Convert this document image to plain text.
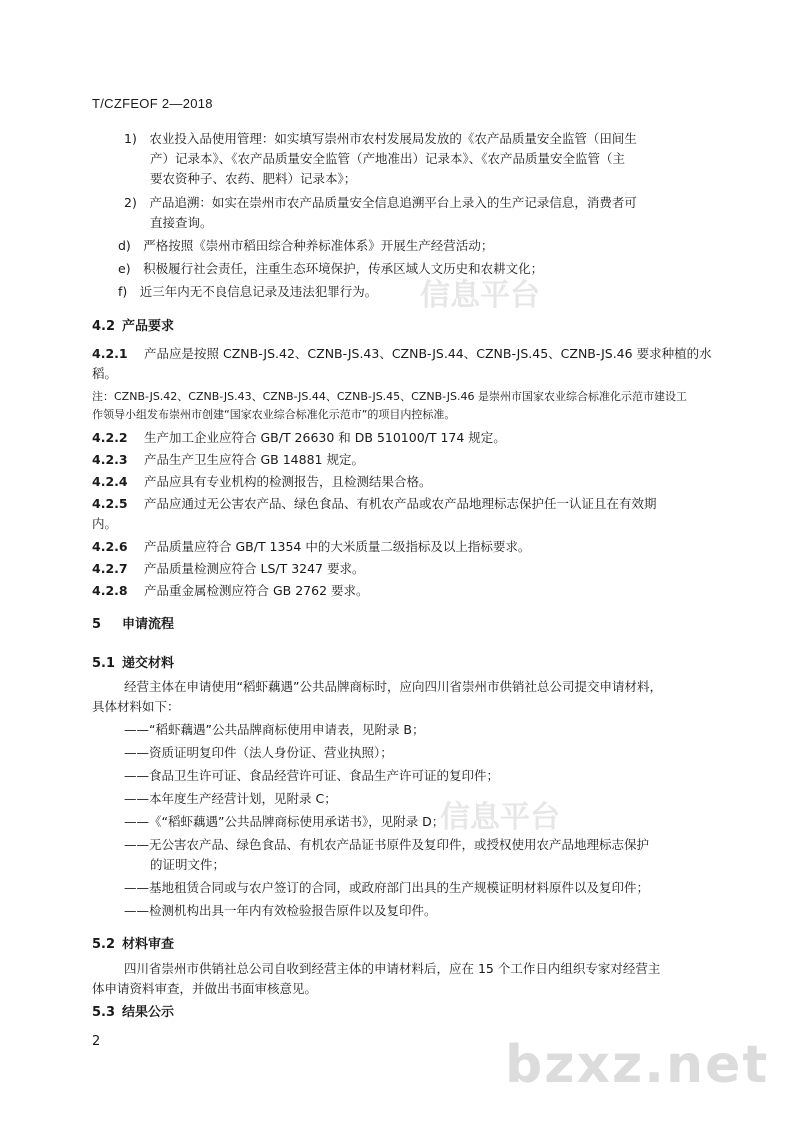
信息平台
信息平台
bzxz.net
T/CZFEOF 2—2018
1)　农业投入品使用管理：如实填写崇州市农村发展局发放的《农产品质量安全监管（田间生
产）记录本》、《农产品质量安全监管（产地准出）记录本》、《农产品质量安全监管（主
要农资种子、农药、肥料）记录本》；
2)　产品追溯：如实在崇州市农产品质量安全信息追溯平台上录入的生产记录信息，消费者可
直接查询。
d)　严格按照《崇州市稻田综合种养标准体系》开展生产经营活动；
e)　积极履行社会责任，注重生态环境保护，传承区域人文历史和农耕文化；
f)　近三年内无不良信息记录及违法犯罪行为。
4.2 产品要求
4.2.1 产品应是按照 CZNB-JS.42、CZNB-JS.43、CZNB-JS.44、CZNB-JS.45、CZNB-JS.46 要求种植的水
稻。
注：CZNB-JS.42、CZNB-JS.43、CZNB-JS.44、CZNB-JS.45、CZNB-JS.46 是崇州市国家农业综合标准化示范市建设工
作领导小组发布崇州市创建“国家农业综合标准化示范市”的项目内控标准。
4.2.2 生产加工企业应符合 GB/T 26630 和 DB 510100/T 174 规定。
4.2.3 产品生产卫生应符合 GB 14881 规定。
4.2.4 产品应具有专业机构的检测报告，且检测结果合格。
4.2.5 产品应通过无公害农产品、绿色食品、有机农产品或农产品地理标志保护任一认证且在有效期
内。
4.2.6 产品质量应符合 GB/T 1354 中的大米质量二级指标及以上指标要求。
4.2.7 产品质量检测应符合 LS/T 3247 要求。
4.2.8 产品重金属检测应符合 GB 2762 要求。
5 申请流程
5.1 递交材料
经营主体在申请使用“稻虾藕遇”公共品牌商标时，应向四川省崇州市供销社总公司提交申请材料，
具体材料如下：
——“稻虾藕遇”公共品牌商标使用申请表，见附录 B；
——资质证明复印件（法人身份证、营业执照）；
——食品卫生许可证、食品经营许可证、食品生产许可证的复印件；
——本年度生产经营计划，见附录 C；
——《“稻虾藕遇”公共品牌商标使用承诺书》，见附录 D；
——无公害农产品、绿色食品、有机农产品证书原件及复印件，或授权使用农产品地理标志保护
的证明文件；
——基地租赁合同或与农户签订的合同，或政府部门出具的生产规模证明材料原件以及复印件；
——检测机构出具一年内有效检验报告原件以及复印件。
5.2 材料审查
四川省崇州市供销社总公司自收到经营主体的申请材料后，应在 15 个工作日内组织专家对经营主
体申请资料审查，并做出书面审核意见。
5.3 结果公示
2
